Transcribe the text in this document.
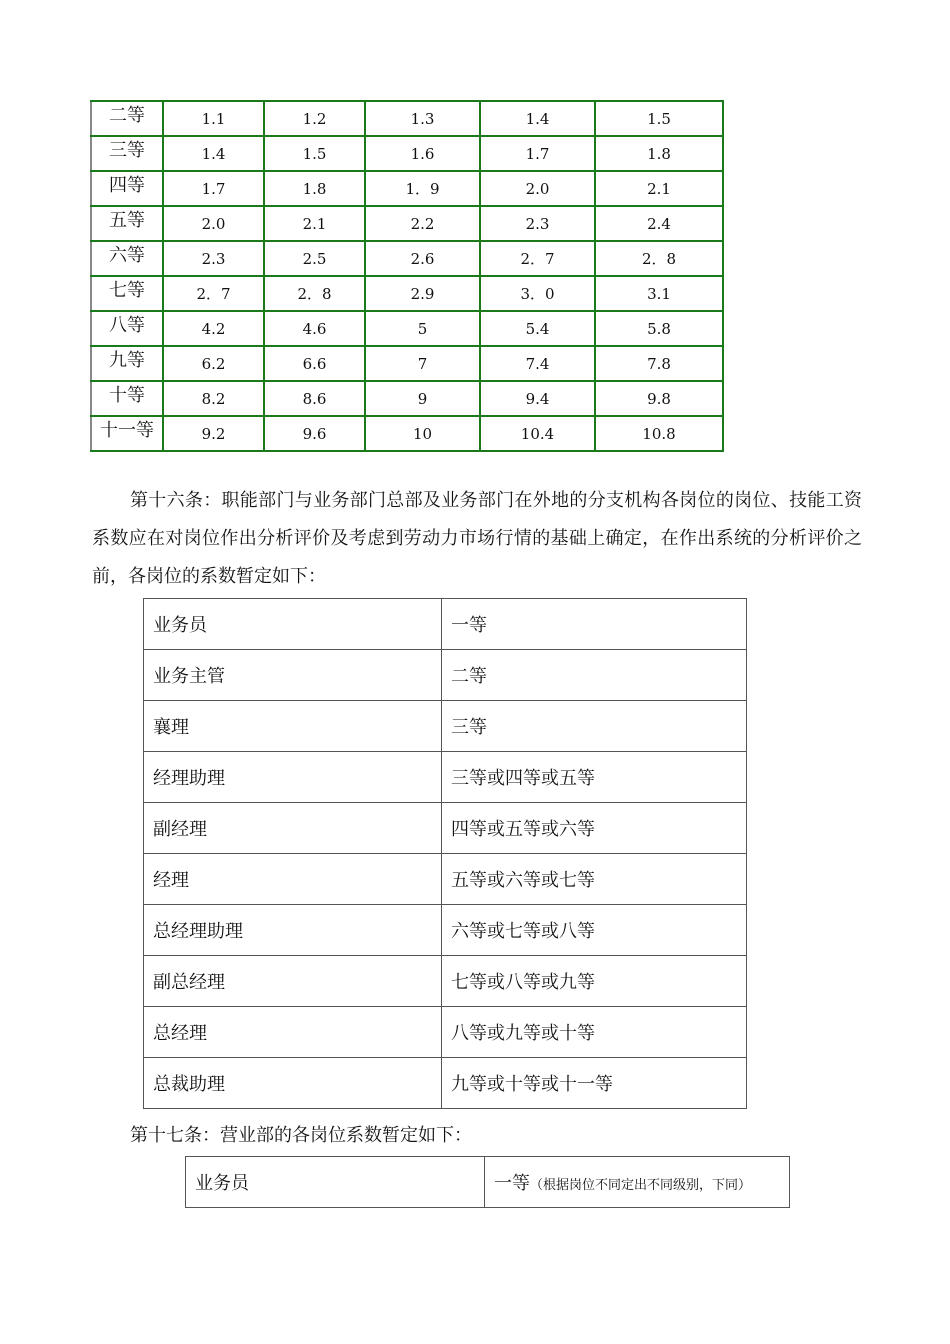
二等	1.1	1.2	1.3	1.4	1.5
三等	1.4	1.5	1.6	1.7	1.8
四等	1.7	1.8	1．9	2.0	2.1
五等	2.0	2.1	2.2	2.3	2.4
六等	2.3	2.5	2.6	2．7	2．8
七等	2．7	2．8	2.9	3．0	3.1
八等	4.2	4.6	5	5.4	5.8
九等	6.2	6.6	7	7.4	7.8
十等	8.2	8.6	9	9.4	9.8
十一等	9.2	9.6	10	10.4	10.8
第十六条：职能部门与业务部门总部及业务部门在外地的分支机构各岗位的岗位、技能工资系数应在对岗位作出分析评价及考虑到劳动力市场行情的基础上确定，在作出系统的分析评价之前，各岗位的系数暂定如下：
业务员	一等
业务主管	二等
襄理	三等
经理助理	三等或四等或五等
副经理	四等或五等或六等
经理	五等或六等或七等
总经理助理	六等或七等或八等
副总经理	七等或八等或九等
总经理	八等或九等或十等
总裁助理	九等或十等或十一等
第十七条：营业部的各岗位系数暂定如下：
业务员	一等（根据岗位不同定出不同级别，下同）
